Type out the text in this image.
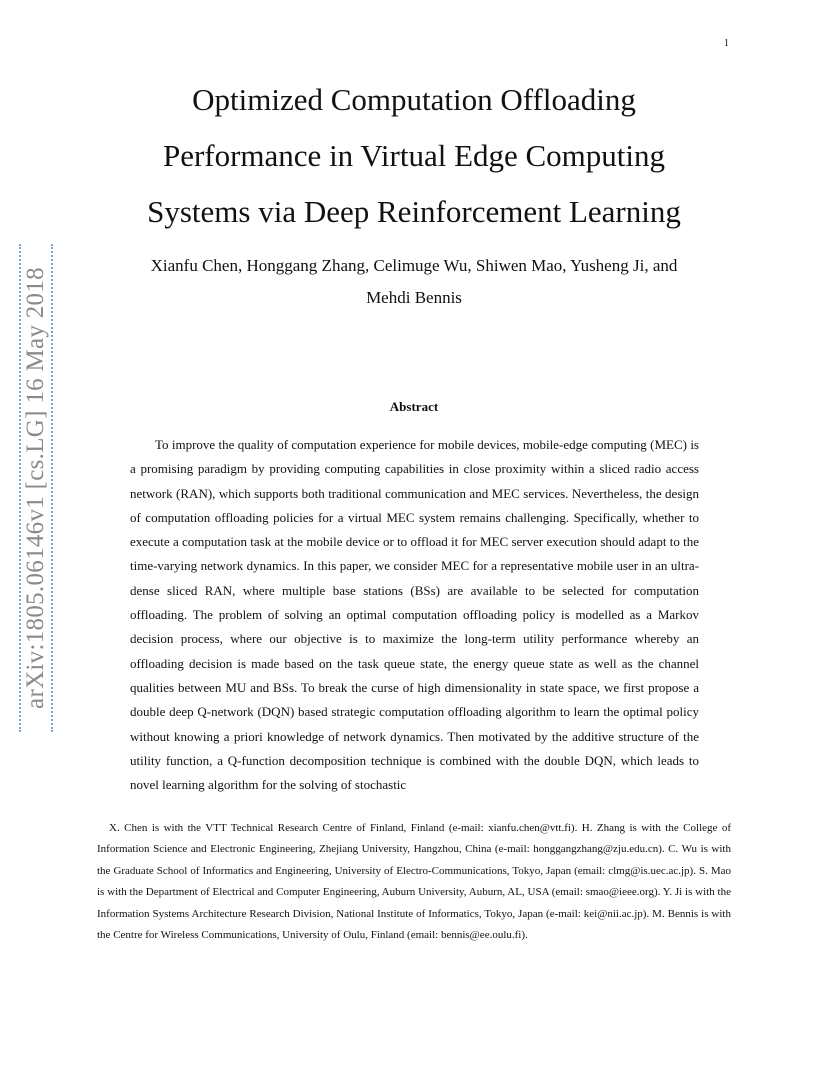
1
arXiv:1805.06146v1 [cs.LG] 16 May 2018
Optimized Computation Offloading
Performance in Virtual Edge Computing
Systems via Deep Reinforcement Learning
Xianfu Chen, Honggang Zhang, Celimuge Wu, Shiwen Mao, Yusheng Ji, and
Mehdi Bennis
Abstract

To improve the quality of computation experience for mobile devices, mobile-edge computing (MEC) is a promising paradigm by providing computing capabilities in close proximity within a sliced radio access network (RAN), which supports both traditional communication and MEC services. Nevertheless, the design of computation offloading policies for a virtual MEC system remains challenging. Specifically, whether to execute a computation task at the mobile device or to offload it for MEC server execution should adapt to the time-varying network dynamics. In this paper, we consider MEC for a representative mobile user in an ultra-dense sliced RAN, where multiple base stations (BSs) are available to be selected for computation offloading. The problem of solving an optimal computation offloading policy is modelled as a Markov decision process, where our objective is to maximize the long-term utility performance whereby an offloading decision is made based on the task queue state, the energy queue state as well as the channel qualities between MU and BSs. To break the curse of high dimensionality in state space, we first propose a double deep Q-network (DQN) based strategic computation offloading algorithm to learn the optimal policy without knowing a priori knowledge of network dynamics. Then motivated by the additive structure of the utility function, a Q-function decomposition technique is combined with the double DQN, which leads to novel learning algorithm for the solving of stochastic

X. Chen is with the VTT Technical Research Centre of Finland, Finland (e-mail: xianfu.chen@vtt.fi). H. Zhang is with the College of Information Science and Electronic Engineering, Zhejiang University, Hangzhou, China (e-mail: honggangzhang@zju.edu.cn). C. Wu is with the Graduate School of Informatics and Engineering, University of Electro-Communications, Tokyo, Japan (email: clmg@is.uec.ac.jp). S. Mao is with the Department of Electrical and Computer Engineering, Auburn University, Auburn, AL, USA (email: smao@ieee.org). Y. Ji is with the Information Systems Architecture Research Division, National Institute of Informatics, Tokyo, Japan (e-mail: kei@nii.ac.jp). M. Bennis is with the Centre for Wireless Communications, University of Oulu, Finland (email: bennis@ee.oulu.fi).
